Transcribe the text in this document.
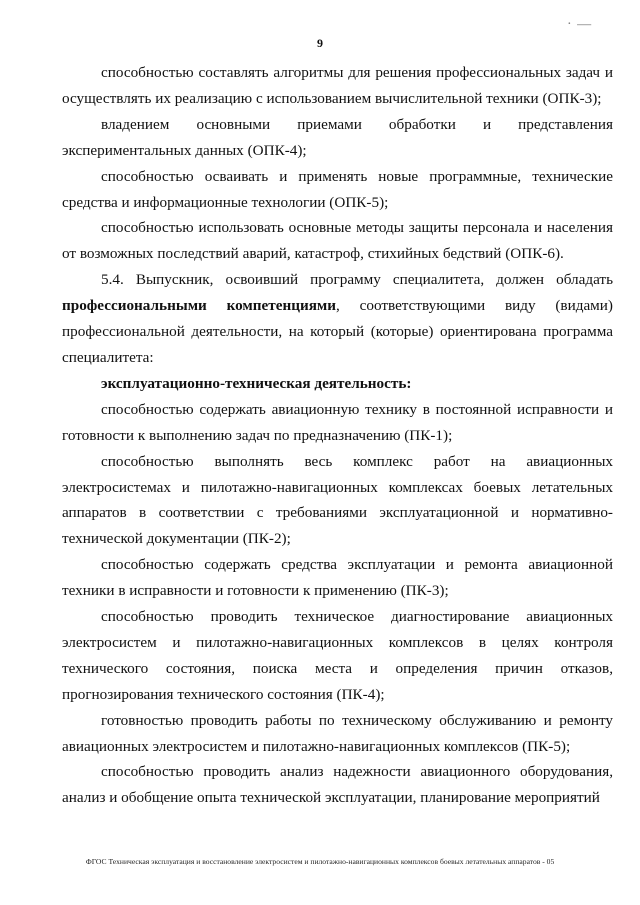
· —
9

способностью составлять алгоритмы для решения профессиональных задач и осуществлять их реализацию с использованием вычислительной техники (ОПК-3);

владением основными приемами обработки и представления экспериментальных данных (ОПК-4);

способностью осваивать и применять новые программные, технические средства и информационные технологии (ОПК-5);

способностью использовать основные методы защиты персонала и населения от возможных последствий аварий, катастроф, стихийных бедствий (ОПК-6).

5.4. Выпускник, освоивший программу специалитета, должен обладать профессиональными компетенциями, соответствующими виду (видами) профессиональной деятельности, на который (которые) ориентирована программа специалитета:

эксплуатационно-техническая деятельность:

способностью содержать авиационную технику в постоянной исправности и готовности к выполнению задач по предназначению (ПК-1);

способностью выполнять весь комплекс работ на авиационных электросистемах и пилотажно-навигационных комплексах боевых летательных аппаратов в соответствии с требованиями эксплуатационной и нормативно-технической документации (ПК-2);

способностью содержать средства эксплуатации и ремонта авиационной техники в исправности и готовности к применению (ПК-3);

способностью проводить техническое диагностирование авиационных электросистем и пилотажно-навигационных комплексов в целях контроля технического состояния, поиска места и определения причин отказов, прогнозирования технического состояния (ПК-4);

готовностью проводить работы по техническому обслуживанию и ремонту авиационных электросистем и пилотажно-навигационных комплексов (ПК-5);

способностью проводить анализ надежности авиационного оборудования, анализ и обобщение опыта технической эксплуатации, планирование мероприятий

ФГОС Техническая эксплуатация и восстановление электросистем и пилотажно-навигационных комплексов боевых летательных аппаратов - 05
